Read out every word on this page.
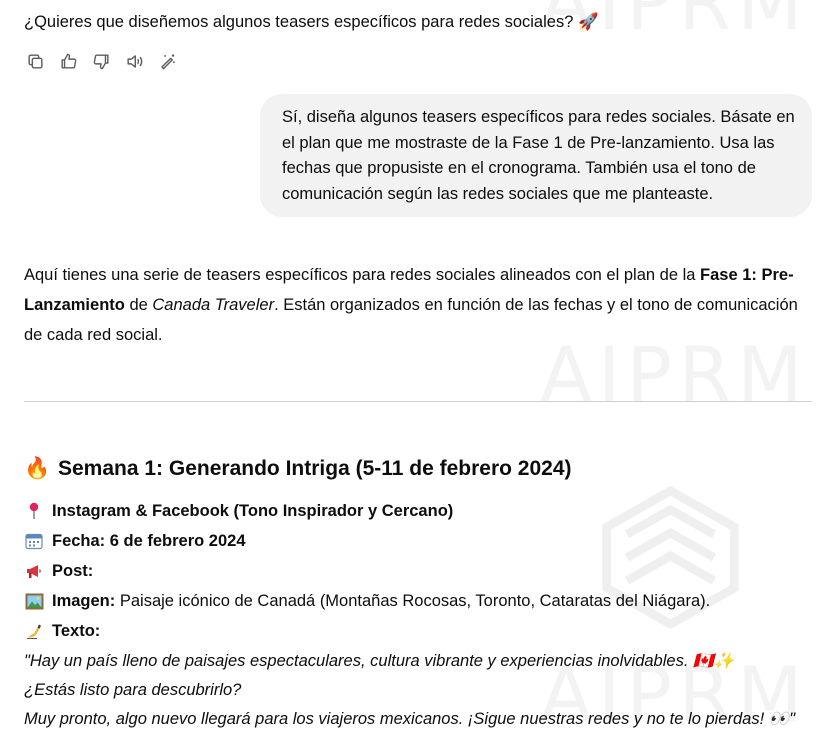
¿Quieres que diseñemos algunos teasers específicos para redes sociales? 🚀
Sí, diseña algunos teasers específicos para redes sociales. Básate en
el plan que me mostraste de la Fase 1 de Pre-lanzamiento. Usa las
fechas que propusiste en el cronograma. También usa el tono de
comunicación según las redes sociales que me planteaste.
Aquí tienes una serie de teasers específicos para redes sociales alineados con el plan de la Fase 1: Pre-
Lanzamiento de Canada Traveler. Están organizados en función de las fechas y el tono de comunicación
de cada red social.
🔥 Semana 1: Generando Intriga (5-11 de febrero 2024)
Instagram & Facebook (Tono Inspirador y Cercano)
Fecha: 6 de febrero 2024
Post:
Imagen: Paisaje icónico de Canadá (Montañas Rocosas, Toronto, Cataratas del Niágara).
Texto:
"Hay un país lleno de paisajes espectaculares, cultura vibrante y experiencias inolvidables. 🇨🇦✨
¿Estás listo para descubrirlo?
Muy pronto, algo nuevo llegará para los viajeros mexicanos. ¡Sigue nuestras redes y no te lo pierdas! 👀"
